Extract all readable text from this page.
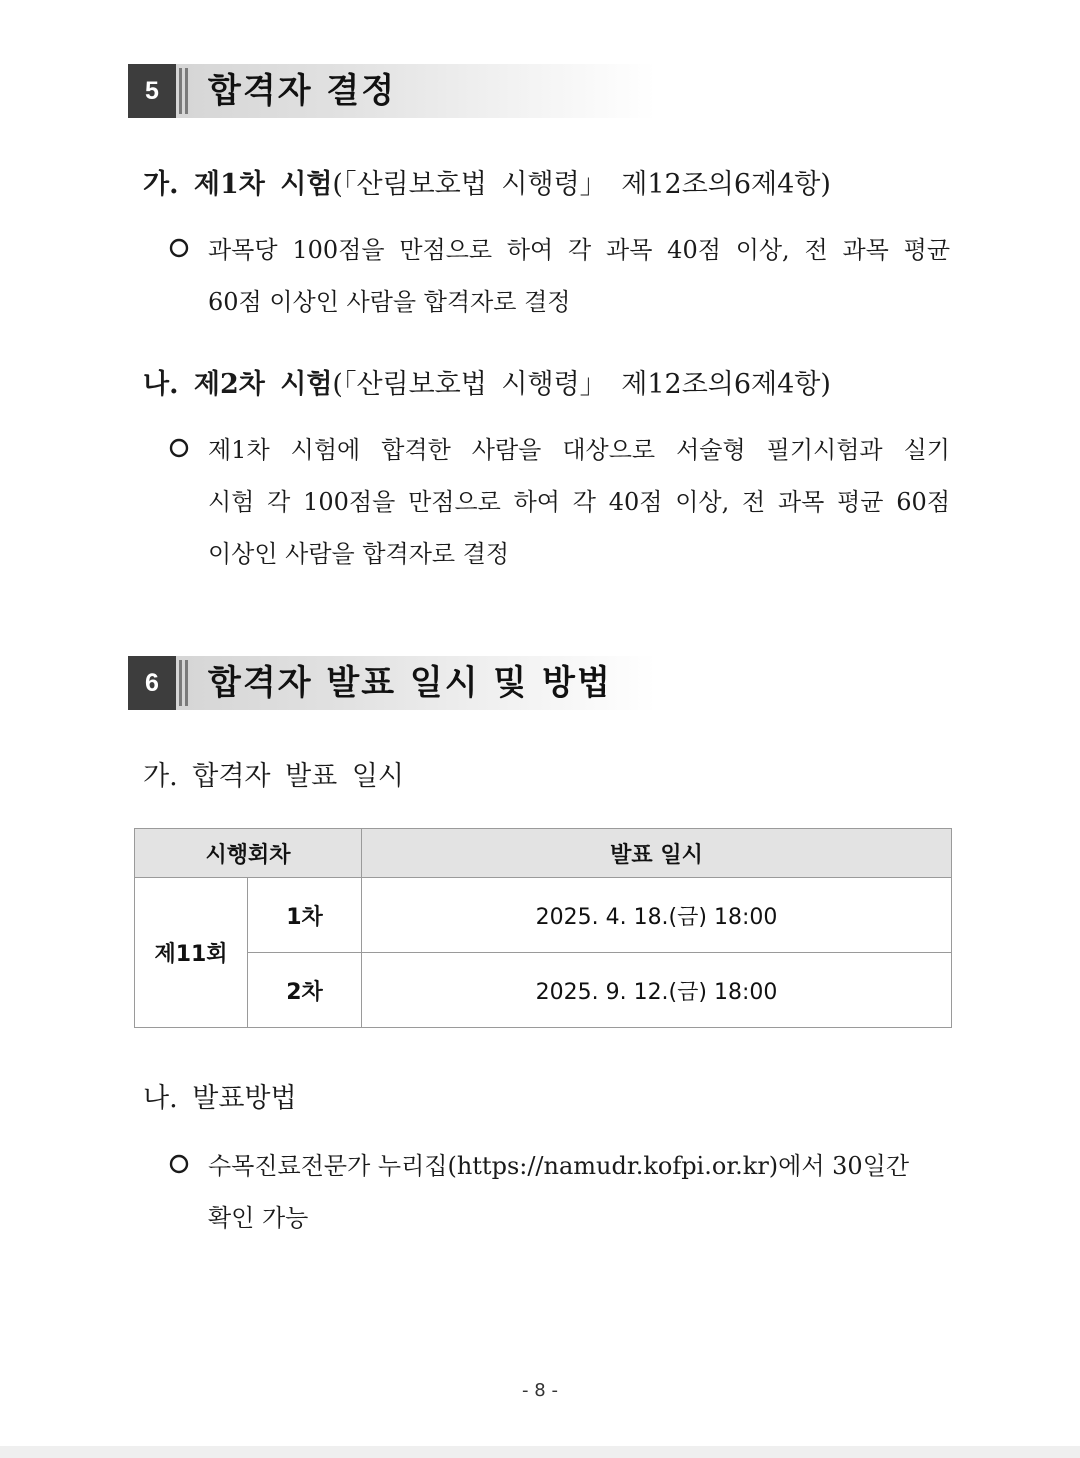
5	합격자 결정
가. 제1차 시험(「산림보호법 시행령」 제12조의6제4항)
과목당 100점을 만점으로 하여 각 과목 40점 이상, 전 과목 평균
60점 이상인 사람을 합격자로 결정
나. 제2차 시험(「산림보호법 시행령」 제12조의6제4항)
제1차 시험에 합격한 사람을 대상으로 서술형 필기시험과 실기
시험 각 100점을 만점으로 하여 각 40점 이상, 전 과목 평균 60점
이상인 사람을 합격자로 결정
6	합격자 발표 일시 및 방법
가. 합격자 발표 일시
시행회차		발표 일시
제11회	1차	2025. 4. 18.(금) 18:00
	2차	2025. 9. 12.(금) 18:00
나. 발표방법
수목진료전문가 누리집(https://namudr.kofpi.or.kr)에서 30일간
확인 가능
- 8 -
